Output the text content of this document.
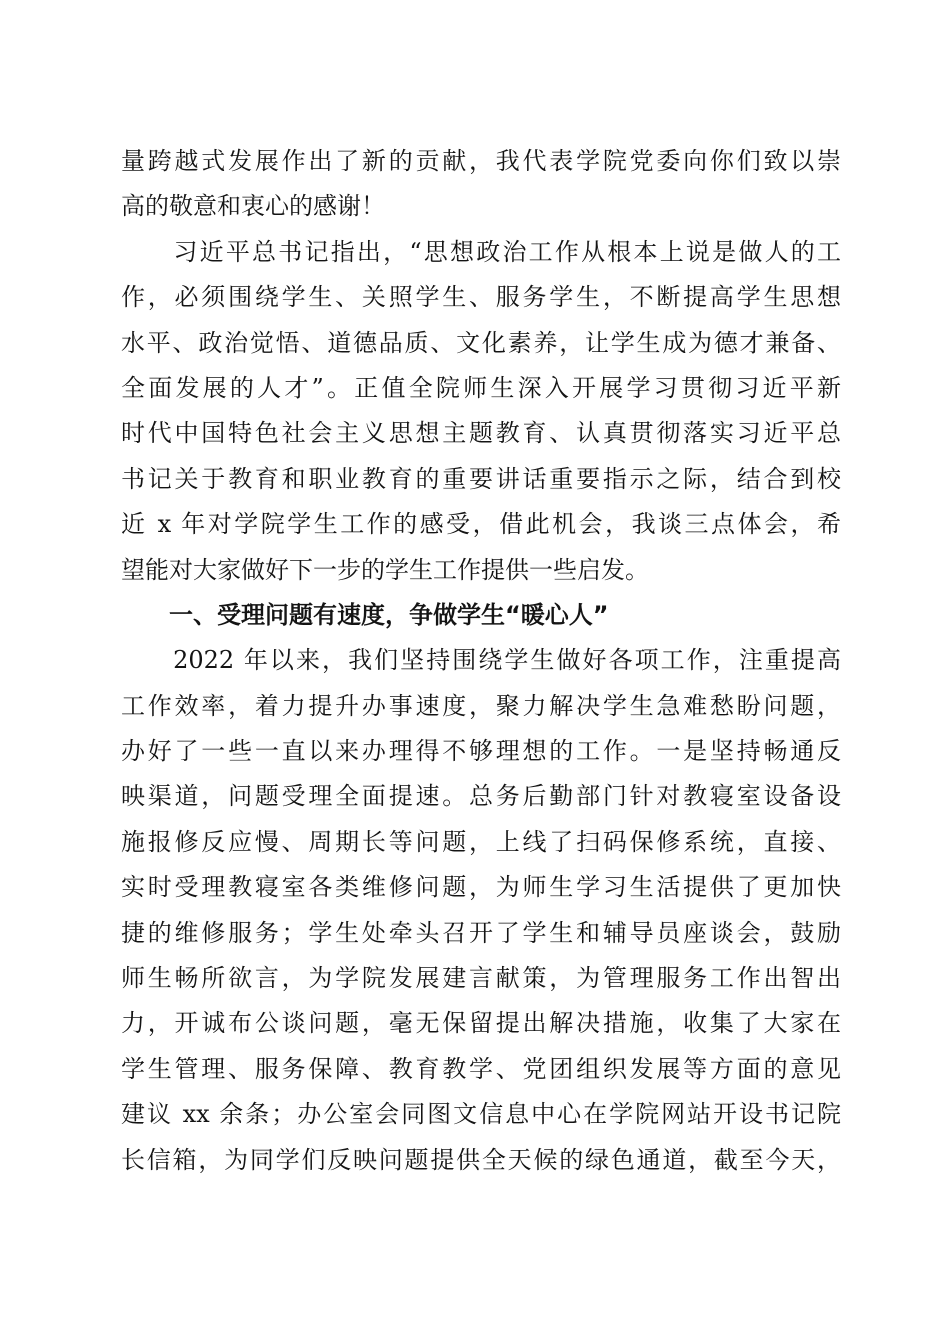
量跨越式发展作出了新的贡献，我代表学院党委向你们致以崇
高的敬意和衷心的感谢！
　　习近平总书记指出，“思想政治工作从根本上说是做人的工
作，必须围绕学生、关照学生、服务学生，不断提高学生思想
水平、政治觉悟、道德品质、文化素养，让学生成为德才兼备、
全面发展的人才”。正值全院师生深入开展学习贯彻习近平新
时代中国特色社会主义思想主题教育、认真贯彻落实习近平总
书记关于教育和职业教育的重要讲话重要指示之际，结合到校
近 x 年对学院学生工作的感受，借此机会，我谈三点体会，希
望能对大家做好下一步的学生工作提供一些启发。
　　一、受理问题有速度，争做学生“暖心人”
　　2022 年以来，我们坚持围绕学生做好各项工作，注重提高
工作效率，着力提升办事速度，聚力解决学生急难愁盼问题，
办好了一些一直以来办理得不够理想的工作。一是坚持畅通反
映渠道，问题受理全面提速。总务后勤部门针对教寝室设备设
施报修反应慢、周期长等问题，上线了扫码保修系统，直接、
实时受理教寝室各类维修问题，为师生学习生活提供了更加快
捷的维修服务；学生处牵头召开了学生和辅导员座谈会，鼓励
师生畅所欲言，为学院发展建言献策，为管理服务工作出智出
力，开诚布公谈问题，毫无保留提出解决措施，收集了大家在
学生管理、服务保障、教育教学、党团组织发展等方面的意见
建议 xx 余条；办公室会同图文信息中心在学院网站开设书记院
长信箱，为同学们反映问题提供全天候的绿色通道，截至今天，
